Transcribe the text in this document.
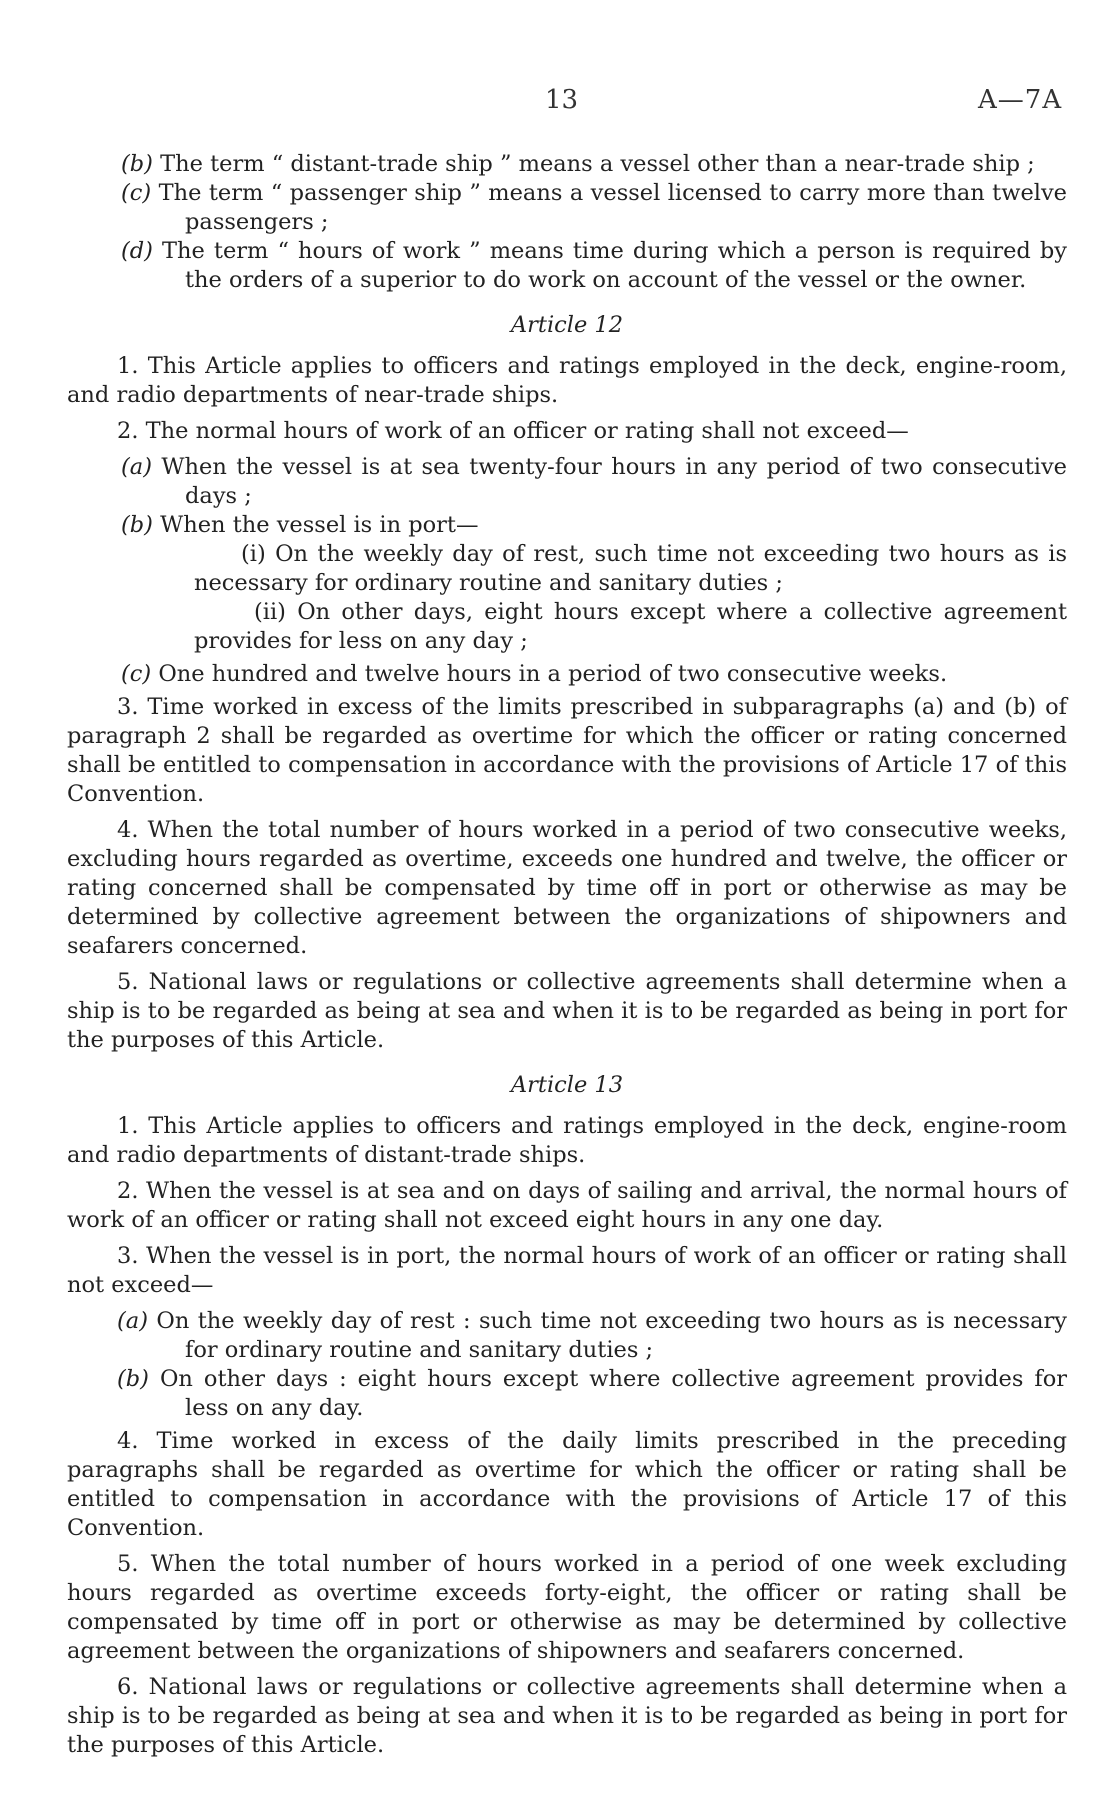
13	A—7A

(b) The term “ distant-trade ship ” means a vessel other than a near-trade ship ;

(c) The term “ passenger ship ” means a vessel licensed to carry more than twelve passengers ;

(d) The term “ hours of work ” means time during which a person is required by the orders of a superior to do work on account of the vessel or the owner.

Article 12

1. This Article applies to officers and ratings employed in the deck, engine-room, and radio departments of near-trade ships.

2. The normal hours of work of an officer or rating shall not exceed—

(a) When the vessel is at sea twenty-four hours in any period of two consecutive days ;

(b) When the vessel is in port—

(i) On the weekly day of rest, such time not exceeding two hours as is necessary for ordinary routine and sanitary duties ;

(ii) On other days, eight hours except where a collective agreement provides for less on any day ;

(c) One hundred and twelve hours in a period of two consecutive weeks.

3. Time worked in excess of the limits prescribed in subparagraphs (a) and (b) of paragraph 2 shall be regarded as overtime for which the officer or rating concerned shall be entitled to compensation in accordance with the provisions of Article 17 of this Convention.

4. When the total number of hours worked in a period of two consecutive weeks, excluding hours regarded as overtime, exceeds one hundred and twelve, the officer or rating concerned shall be compensated by time off in port or otherwise as may be determined by collective agreement between the organizations of shipowners and seafarers concerned.

5. National laws or regulations or collective agreements shall determine when a ship is to be regarded as being at sea and when it is to be regarded as being in port for the purposes of this Article.

Article 13

1. This Article applies to officers and ratings employed in the deck, engine-room and radio departments of distant-trade ships.

2. When the vessel is at sea and on days of sailing and arrival, the normal hours of work of an officer or rating shall not exceed eight hours in any one day.

3. When the vessel is in port, the normal hours of work of an officer or rating shall not exceed—

(a) On the weekly day of rest : such time not exceeding two hours as is necessary for ordinary routine and sanitary duties ;

(b) On other days : eight hours except where collective agreement provides for less on any day.

4. Time worked in excess of the daily limits prescribed in the preceding paragraphs shall be regarded as overtime for which the officer or rating shall be entitled to compensation in accordance with the provisions of Article 17 of this Convention.

5. When the total number of hours worked in a period of one week excluding hours regarded as overtime exceeds forty-eight, the officer or rating shall be compensated by time off in port or otherwise as may be determined by collective agreement between the organizations of shipowners and seafarers concerned.

6. National laws or regulations or collective agreements shall determine when a ship is to be regarded as being at sea and when it is to be regarded as being in port for the purposes of this Article.
